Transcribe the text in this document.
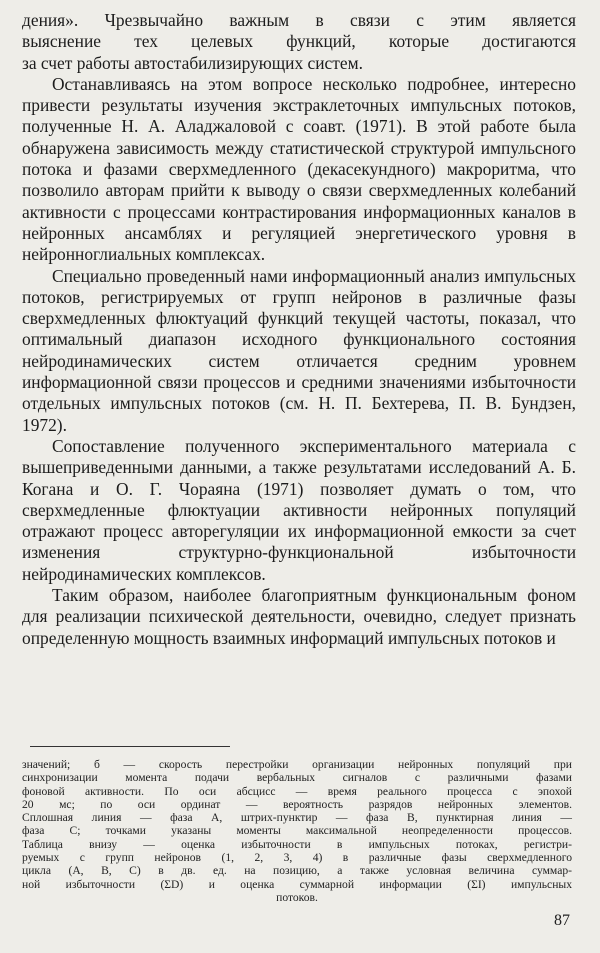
дения». Чрезвычайно важным в связи с этим является
выяснение тех целевых функций, которые достигаются
за счет работы автостабилизирующих систем.

Останавливаясь на этом вопросе несколько подробнее, интересно привести результаты изучения экстраклеточных импульсных потоков, полученные Н. А. Аладжаловой с соавт. (1971). В этой работе была обнаружена зависимость между статистической структурой импульсного потока и фазами сверхмедленного (декасекундного) макроритма, что позволило авторам прийти к выводу о связи сверхмедленных колебаний активности с процессами контрастирования информационных каналов в нейронных ансамблях и регуляцией энергетического уровня в нейронноглиальных комплексах.

Специально проведенный нами информационный анализ импульсных потоков, регистрируемых от групп нейронов в различные фазы сверхмедленных флюктуаций функций текущей частоты, показал, что оптимальный диапазон исходного функционального состояния нейродинамических систем отличается средним уровнем информационной связи процессов и средними значениями избыточности отдельных импульсных потоков (см. Н. П. Бехтерева, П. В. Бундзен, 1972).

Сопоставление полученного экспериментального материала с вышеприведенными данными, а также результатами исследований А. Б. Когана и О. Г. Чораяна (1971) позволяет думать о том, что сверхмедленные флюктуации активности нейронных популяций отражают процесс авторегуляции их информационной емкости за счет изменения структурно-функциональной избыточности нейродинамических комплексов.

Таким образом, наиболее благоприятным функциональным фоном для реализации психической деятельности, очевидно, следует признать определенную мощность взаимных информаций импульсных потоков и

значений; б — скорость перестройки организации нейронных популяций при
синхронизации момента подачи вербальных сигналов с различными фазами
фоновой активности. По оси абсцисс — время реального процесса с эпохой
20 мс; по оси ординат — вероятность разрядов нейронных элементов.
Сплошная линия — фаза А, штрих-пунктир — фаза В, пунктирная линия —
фаза С; точками указаны моменты максимальной неопределенности процессов.
Таблица внизу — оценка избыточности в импульсных потоках, регистри-
руемых с групп нейронов (1, 2, 3, 4) в различные фазы сверхмедленного
цикла (А, В, С) в дв. ед. на позицию, а также условная величина суммар-
ной избыточности (ΣD) и оценка суммарной информации (ΣI) импульсных
потоков.
87
